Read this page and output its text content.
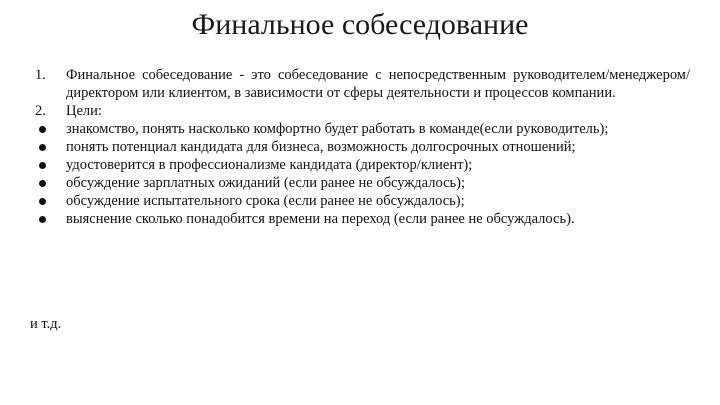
Финальное собеседование
1.	Финальное собеседование - это собеседование с непосредственным руководителем/менеджером/директором или клиентом, в зависимости от сферы деятельности и процессов компании.
2.	Цели:
знакомство, понять насколько комфортно будет работать в команде(если руководитель);
понять потенциал кандидата для бизнеса, возможность долгосрочных отношений;
удостоверится в профессионализме кандидата (директор/клиент);
обсуждение зарплатных ожиданий (если ранее не обсуждалось);
обсуждение испытательного срока (если ранее не обсуждалось);
выяснение сколько понадобится времени на переход (если ранее не обсуждалось).
и т.д.
